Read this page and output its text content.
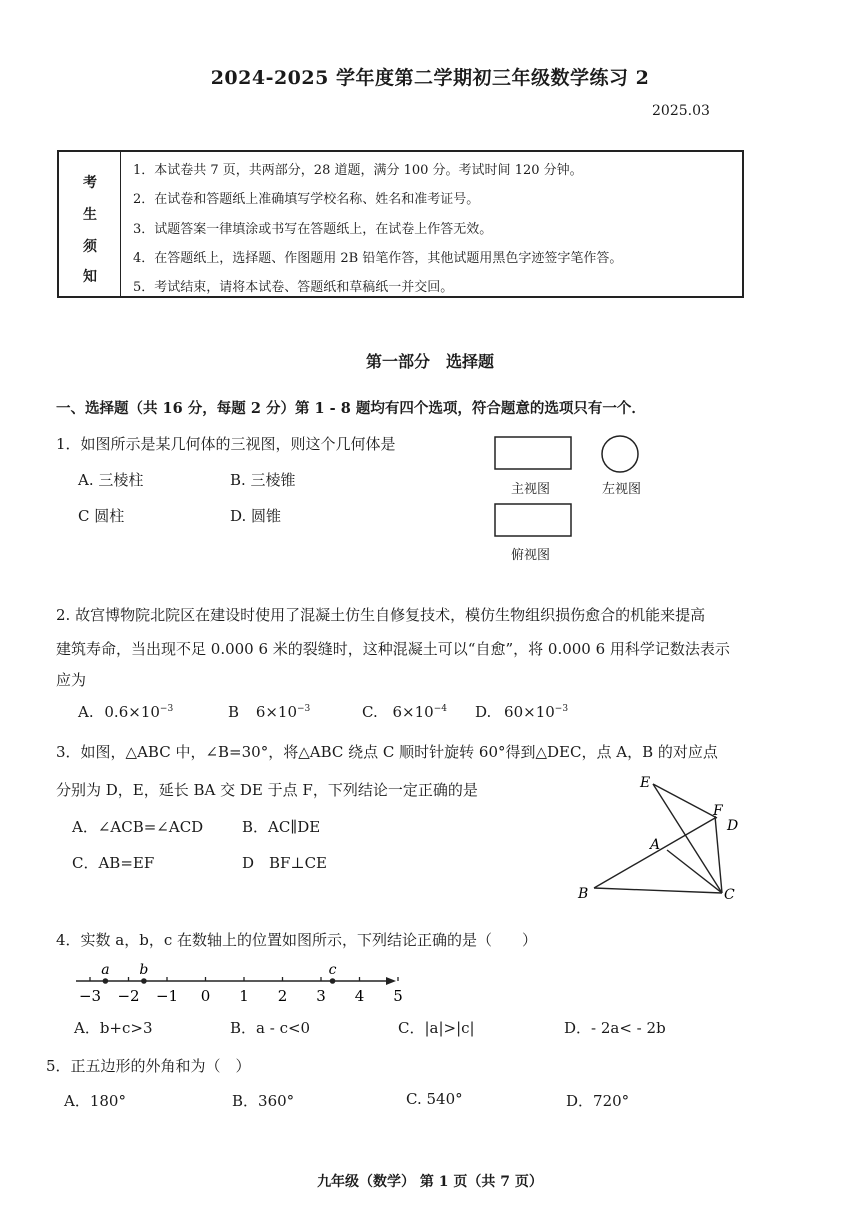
2024-2025 学年度第二学期初三年级数学练习 2
2025.03
考
生
须
知
1．本试卷共 7 页，共两部分，28 道题，满分 100 分。考试时间 120 分钟。
2．在试卷和答题纸上准确填写学校名称、姓名和准考证号。
3．试题答案一律填涂或书写在答题纸上，在试卷上作答无效。
4．在答题纸上，选择题、作图题用 2B 铅笔作答，其他试题用黑色字迹签字笔作答。
5．考试结束，请将本试卷、答题纸和草稿纸一并交回。
第一部分　选择题
一、选择题（共 16 分，每题 2 分）第 1 - 8 题均有四个选项，符合题意的选项只有一个．
1．如图所示是某几何体的三视图，则这个几何体是
A. 三棱柱	B. 三棱锥
C 圆柱	D. 圆锥
主视图	左视图
俯视图
2. 故宫博物院北院区在建设时使用了混凝土仿生自修复技术，模仿生物组织损伤愈合的机能来提高
建筑寿命，当出现不足 0.000 6 米的裂缝时，这种混凝土可以“自愈”，将 0.000 6 用科学记数法表示
应为
A. $0.6\times 10^{-3}$	B $6\times 10^{-3}$	C. $6\times 10^{-4}$ D. $60\times 10^{-3}$
3．如图，△ABC 中，∠B=30°，将△ABC 绕点 C 顺时针旋转 60°得到△DEC，点 A，B 的对应点
分别为 D，E，延长 BA 交 DE 于点 F，下列结论一定正确的是
A．∠ACB=∠ACD	B．AC∥DE
C．AB=EF	D　BF⊥CE
E
F
D
A
B	C
4．实数 a，b，c 在数轴上的位置如图所示，下列结论正确的是（　　）
−3 −2 −1 0 1 2 3 4 5
a b	c
A．b+c>3	B．a - c<0	C．|a|>|c|	D．- 2a< - 2b
5．正五边形的外角和为（　）
A．180°	B．360°	C. 540°	D．720°
九年级（数学） 第 1 页（共 7 页）
